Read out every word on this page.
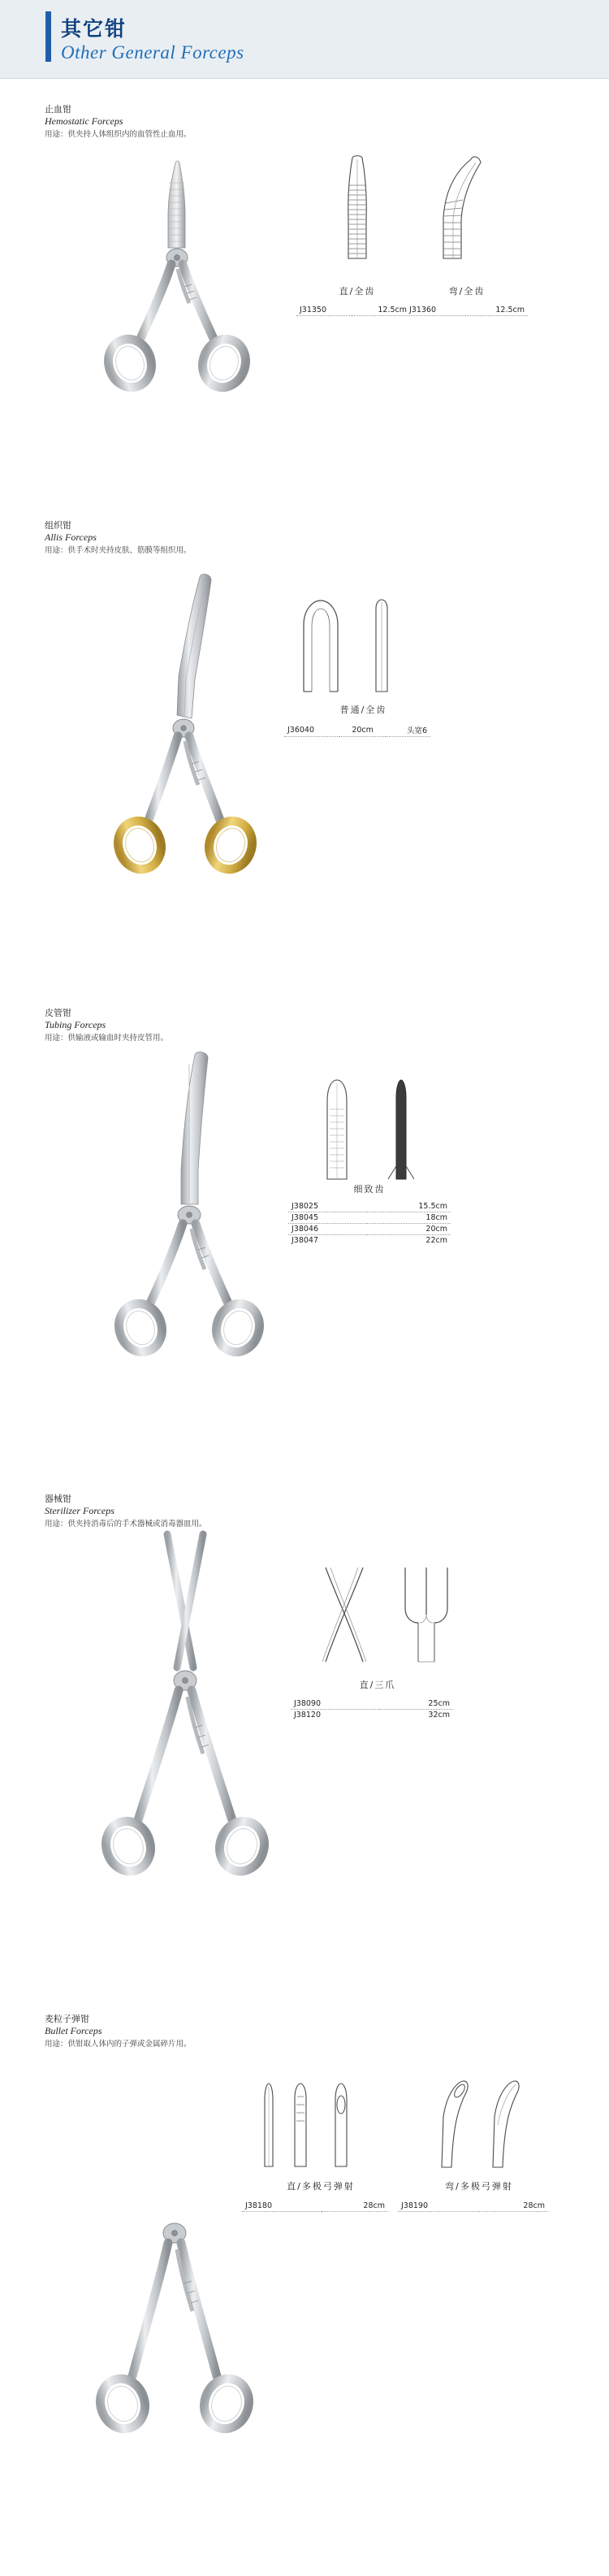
其它钳
Other General Forceps
止血钳
Hemostatic Forceps
用途：供夹持人体组织内的血管性止血用。
直/全齿	弯/全齿
J31350	12.5cm J31360	12.5cm
组织钳
Allis Forceps
用途：供手术时夹持皮肤、筋膜等组织用。
普通/全齿
J36040	20cm	头宽6
皮管钳
Tubing Forceps
用途：供输液或输血时夹持皮管用。
细致齿
J38025	15.5cm
J38045	18cm
J38046	20cm
J38047	22cm
器械钳
Sterilizer Forceps
用途：供夹持消毒后的手术器械或消毒器皿用。
直/三爪
J38090	25cm
J38120	32cm
麦粒子弹钳
Bullet Forceps
用途：供钳取人体内的子弹或金属碎片用。
直/多极弓弹射	弯/多极弓弹射
J38180	28cm J38190	28cm
